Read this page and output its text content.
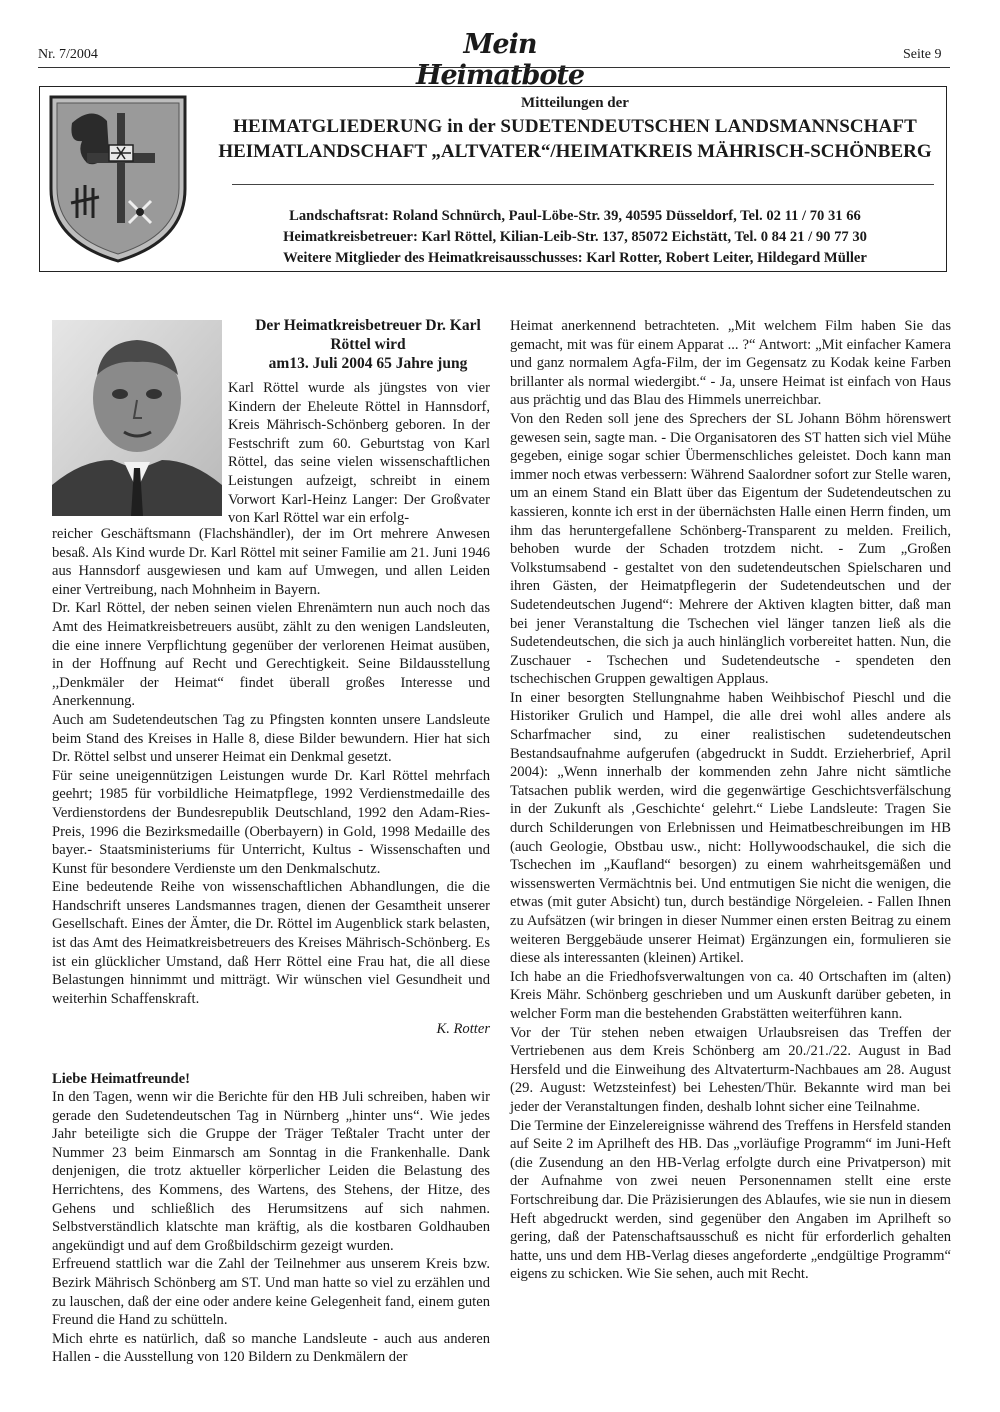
Nr. 7/2004	Mein Heimatbote
Seite 9
Mitteilungen der
HEIMATGLIEDERUNG in der SUDETENDEUTSCHEN LANDSMANNSCHAFT
HEIMATLANDSCHAFT „ALTVATER“/HEIMATKREIS MÄHRISCH-SCHÖNBERG
Landschaftsrat: Roland Schnürch, Paul-Löbe-Str. 39, 40595 Düsseldorf, Tel. 02 11 / 70 31 66
Heimatkreisbetreuer: Karl Röttel, Kilian-Leib-Str. 137, 85072 Eichstätt, Tel. 0 84 21 / 90 77 30
Weitere Mitglieder des Heimatkreisausschusses: Karl Rotter, Robert Leiter, Hildegard Müller
Der Heimatkreisbetreuer Dr. Karl
Röttel wird
am13. Juli 2004 65 Jahre jung

Karl Röttel wurde als jüngstes von vier Kindern der Eheleute Röttel in Hannsdorf, Kreis Mährisch-Schönberg geboren. In der Festschrift zum 60. Geburtstag von Karl Röttel, das seine vielen wissenschaftlichen Leistungen aufzeigt, schreibt in einem Vorwort Karl-Heinz Langer: Der Großvater von Karl Röttel war ein erfolg-

reicher Geschäftsmann (Flachshändler), der im Ort mehrere Anwesen besaß. Als Kind wurde Dr. Karl Röttel mit seiner Familie am 21. Juni 1946 aus Hannsdorf ausgewiesen und kam auf Umwegen, und allen Leiden einer Vertreibung, nach Mohnheim in Bayern.

Dr. Karl Röttel, der neben seinen vielen Ehrenämtern nun auch noch das Amt des Heimatkreisbetreuers ausübt, zählt zu den wenigen Landsleuten, die eine innere Verpflichtung gegenüber der verlorenen Heimat ausüben, in der Hoffnung auf Recht und Gerechtigkeit. Seine Bildausstellung ,,Denkmäler der Heimat“ findet überall großes Interesse und Anerkennung.

Auch am Sudetendeutschen Tag zu Pfingsten konnten unsere Landsleute beim Stand des Kreises in Halle 8, diese Bilder bewundern. Hier hat sich Dr. Röttel selbst und unserer Heimat ein Denkmal gesetzt.

Für seine uneigennützigen Leistungen wurde Dr. Karl Röttel mehrfach geehrt; 1985 für vorbildliche Heimatpflege, 1992 Verdienstmedaille des Verdienstordens der Bundesrepublik Deutschland, 1992 den Adam-Ries-Preis, 1996 die Bezirksmedaille (Oberbayern) in Gold, 1998 Medaille des bayer.- Staatsministeriums für Unterricht, Kultus - Wissenschaften und Kunst für besondere Verdienste um den Denkmalschutz.

Eine bedeutende Reihe von wissenschaftlichen Abhandlungen, die die Handschrift unseres Landsmannes tragen, dienen der Gesamtheit unserer Gesellschaft. Eines der Ämter, die Dr. Röttel im Augenblick stark belasten, ist das Amt des Heimatkreisbetreuers des Kreises Mährisch-Schönberg. Es ist ein glücklicher Umstand, daß Herr Röttel eine Frau hat, die all diese Belastungen hinnimmt und mitträgt. Wir wünschen viel Gesundheit und weiterhin Schaffenskraft.

K. Rotter
Liebe Heimatfreunde!

In den Tagen, wenn wir die Berichte für den HB Juli schreiben, haben wir gerade den Sudetendeutschen Tag in Nürnberg „hinter uns“. Wie jedes Jahr beteiligte sich die Gruppe der Träger Teßtaler Tracht unter der Nummer 23 beim Einmarsch am Sonntag in die Frankenhalle. Dank denjenigen, die trotz aktueller körperlicher Leiden die Belastung des Herrichtens, des Kommens, des Wartens, des Stehens, der Hitze, des Gehens und schließlich des Herumsitzens auf sich nahmen. Selbstverständlich klatschte man kräftig, als die kostbaren Goldhauben angekündigt und auf dem Großbildschirm gezeigt wurden.

Erfreuend stattlich war die Zahl der Teilnehmer aus unserem Kreis bzw. Bezirk Mährisch Schönberg am ST. Und man hatte so viel zu erzählen und zu lauschen, daß der eine oder andere keine Gelegenheit fand, einem guten Freund die Hand zu schütteln.

Mich ehrte es natürlich, daß so manche Landsleute - auch aus anderen Hallen - die Ausstellung von 120 Bildern zu Denkmälern der

Heimat anerkennend betrachteten. „Mit welchem Film haben Sie das gemacht, mit was für einem Apparat ... ?“ Antwort: „Mit einfacher Kamera und ganz normalem Agfa-Film, der im Gegensatz zu Kodak keine Farben brillanter als normal wiedergibt.“ - Ja, unsere Heimat ist einfach von Haus aus prächtig und das Blau des Himmels unerreichbar.

Von den Reden soll jene des Sprechers der SL Johann Böhm hörenswert gewesen sein, sagte man. - Die Organisatoren des ST hatten sich viel Mühe gegeben, einige sogar schier Übermenschliches geleistet. Doch kann man immer noch etwas verbessern: Während Saalordner sofort zur Stelle waren, um an einem Stand ein Blatt über das Eigentum der Sudetendeutschen zu kassieren, konnte ich erst in der übernächsten Halle einen Herrn finden, um ihm das heruntergefallene Schönberg-Transparent zu melden. Freilich, behoben wurde der Schaden trotzdem nicht. - Zum „Großen Volkstumsabend - gestaltet von den sudetendeutschen Spielscharen und ihren Gästen, der Heimatpflegerin der Sudetendeutschen und der Sudetendeutschen Jugend“: Mehrere der Aktiven klagten bitter, daß man bei jener Veranstaltung die Tschechen viel länger tanzen ließ als die Sudetendeutschen, die sich ja auch hinlänglich vorbereitet hatten. Nun, die Zuschauer - Tschechen und Sudetendeutsche - spendeten den tschechischen Gruppen gewaltigen Applaus.

In einer besorgten Stellungnahme haben Weihbischof Pieschl und die Historiker Grulich und Hampel, die alle drei wohl alles andere als Scharfmacher sind, zu einer realistischen sudetendeutschen Bestandsaufnahme aufgerufen (abgedruckt in Suddt. Erzieherbrief, April 2004): „Wenn innerhalb der kommenden zehn Jahre nicht sämtliche Tatsachen publik werden, wird die gegenwärtige Geschichtsverfälschung in der Zukunft als ‚Geschichte‘ gelehrt.“ Liebe Landsleute: Tragen Sie durch Schilderungen von Erlebnissen und Heimatbeschreibungen im HB (auch Geologie, Obstbau usw., nicht: Hollywoodschaukel, die sich die Tschechen im „Kaufland“ besorgen) zu einem wahrheitsgemäßen und wissenswerten Vermächtnis bei. Und entmutigen Sie nicht die wenigen, die etwas (mit guter Absicht) tun, durch beständige Nörgeleien. - Fallen Ihnen zu Aufsätzen (wir bringen in dieser Nummer einen ersten Beitrag zu einem weiteren Berggebäude unserer Heimat) Ergänzungen ein, formulieren sie diese als interessanten (kleinen) Artikel.

Ich habe an die Friedhofsverwaltungen von ca. 40 Ortschaften im (alten) Kreis Mähr. Schönberg geschrieben und um Auskunft darüber gebeten, in welcher Form man die bestehenden Grabstätten weiterführen kann.

Vor der Tür stehen neben etwaigen Urlaubsreisen das Treffen der Vertriebenen aus dem Kreis Schönberg am 20./21./22. August in Bad Hersfeld und die Einweihung des Altvaterturm-Nachbaues am 28. August (29. August: Wetzsteinfest) bei Lehesten/Thür. Bekannte wird man bei jeder der Veranstaltungen finden, deshalb lohnt sicher eine Teilnahme.

Die Termine der Einzelereignisse während des Treffens in Hersfeld standen auf Seite 2 im Aprilheft des HB. Das „vorläufige Programm“ im Juni-Heft (die Zusendung an den HB-Verlag erfolgte durch eine Privatperson) mit der Aufnahme von zwei neuen Personennamen stellt eine erste Fortschreibung dar. Die Präzisierungen des Ablaufes, wie sie nun in diesem Heft abgedruckt werden, sind gegenüber den Angaben im Aprilheft so gering, daß der Patenschaftsausschuß es nicht für erforderlich gehalten hatte, uns und dem HB-Verlag dieses angeforderte „endgültige Programm“ eigens zu schicken. Wie Sie sehen, auch mit Recht.
